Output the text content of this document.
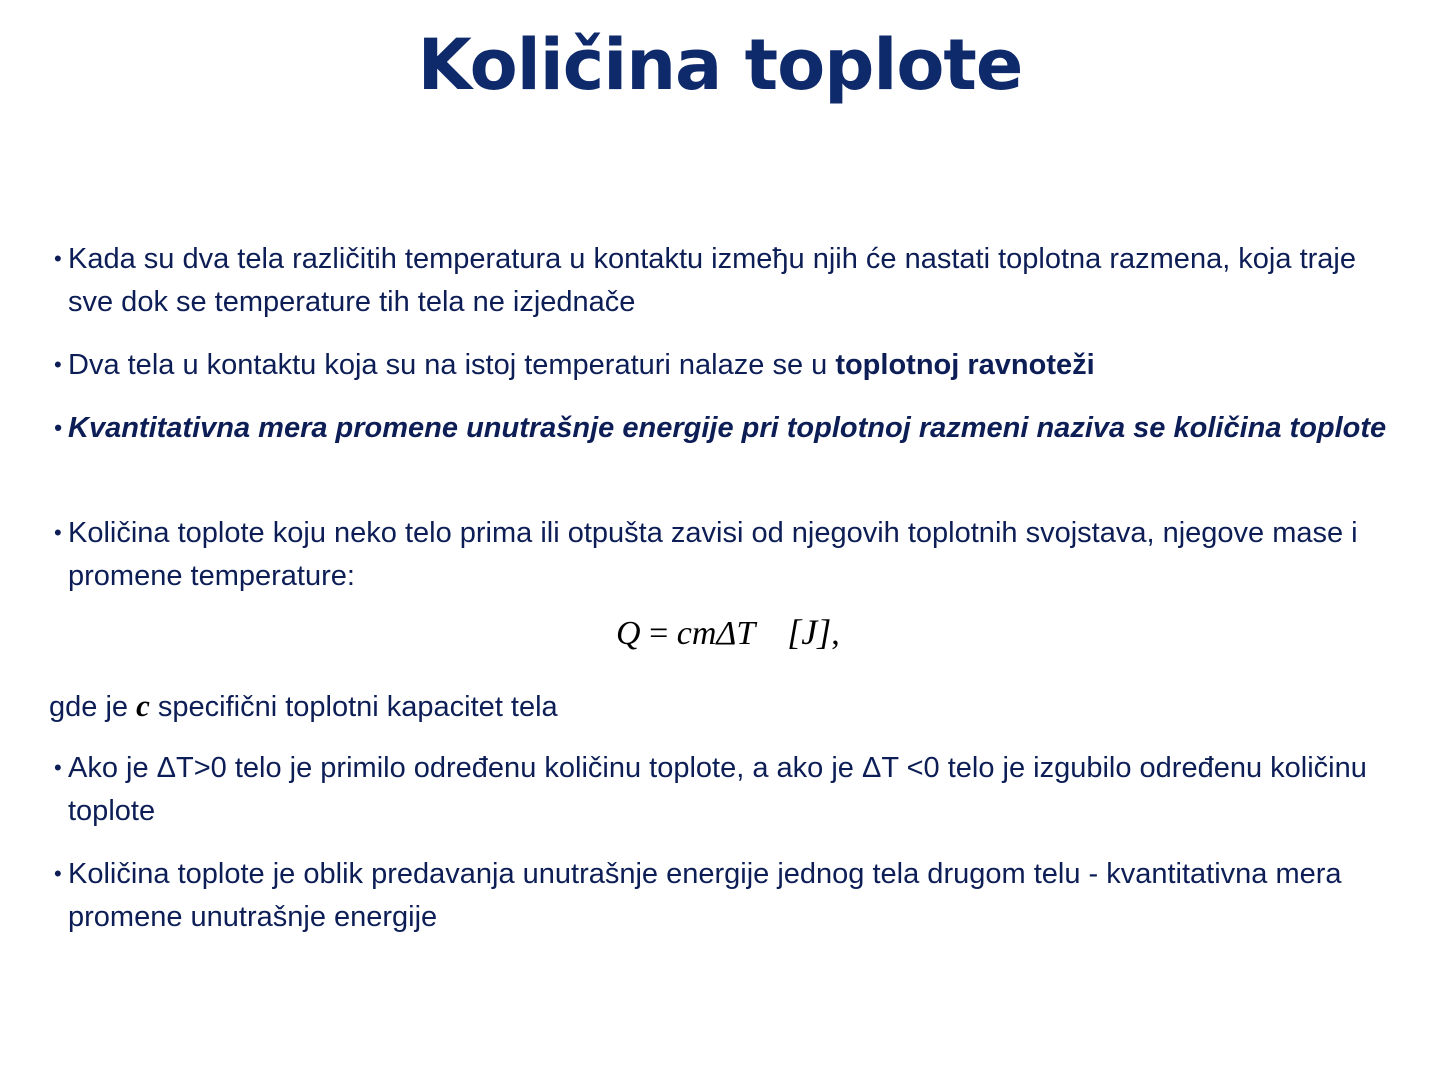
Količina toplote
• Kada su dva tela različitih temperatura u kontaktu izmeђu njih će nastati toplotna razmena, koja traje sve dok se temperature tih tela ne izjednače
• Dva tela u kontaktu koja su na istoj temperaturi nalaze se u toplotnoj ravnoteži
• Kvantitativna mera promene unutrašnje energije pri toplotnoj razmeni naziva se količina toplote
• Količina toplote koju neko telo prima ili otpušta zavisi od njegovih toplotnih svojstava, njegove mase i promene temperature:
Q = cmΔT [J],
gde je c specifični toplotni kapacitet tela
• Ako je ΔT>0 telo je primilo određenu količinu toplote, a ako je ΔT <0 telo je izgubilo određenu količinu toplote
• Količina toplote je oblik predavanja unutrašnje energije jednog tela drugom telu - kvantitativna mera promene unutrašnje energije
